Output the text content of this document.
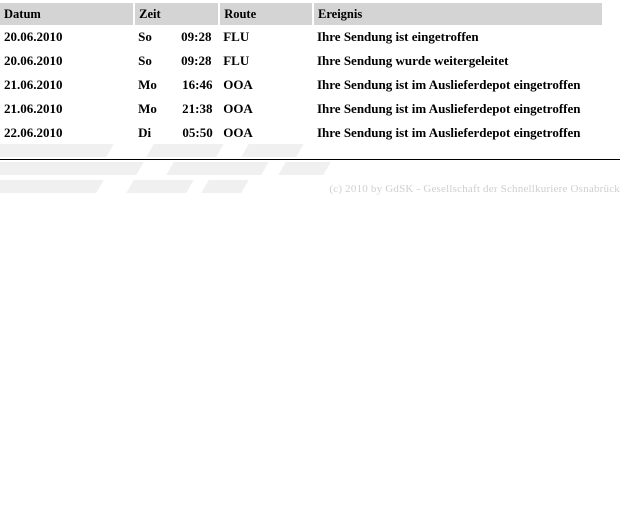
Datum	Zeit	Route	Ereignis
20.06.2010	So 09:28	FLU	Ihre Sendung ist eingetroffen
20.06.2010	So 09:28	FLU	Ihre Sendung wurde weitergeleitet
21.06.2010	Mo 16:46	OOA	Ihre Sendung ist im Auslieferdepot eingetroffen
21.06.2010	Mo 21:38	OOA	Ihre Sendung ist im Auslieferdepot eingetroffen
22.06.2010	Di 05:50	OOA	Ihre Sendung ist im Auslieferdepot eingetroffen
(c) 2010 by GdSK - Gesellschaft der Schnellkuriere Osnabrück
